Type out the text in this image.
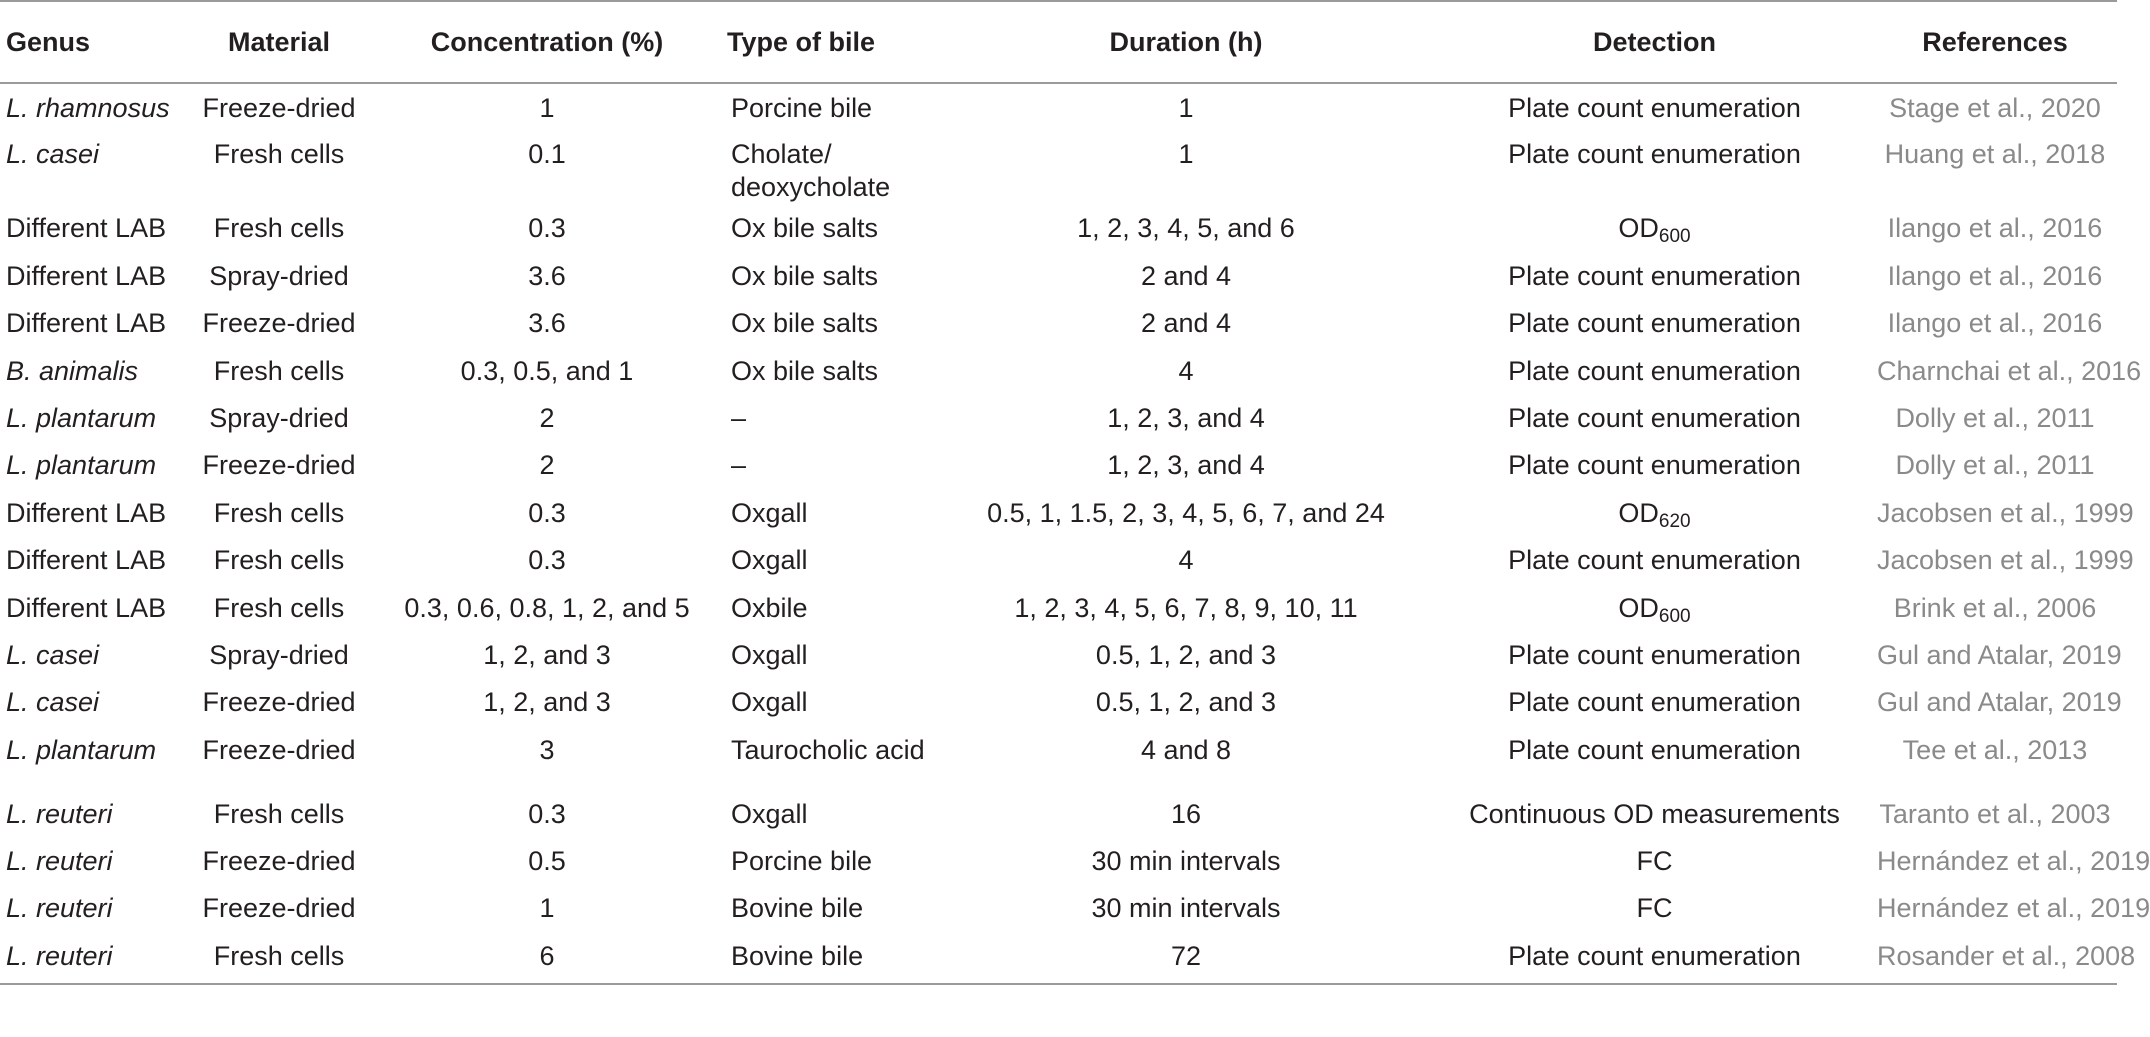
Genus	Material	Concentration (%)	Type of bile	Duration (h)	Detection	References
L. rhamnosus	Freeze-dried	1	Porcine bile	1	Plate count enumeration	Stage et al., 2020
L. casei	Fresh cells	0.1	Cholate/ deoxycholate	1	Plate count enumeration	Huang et al., 2018
Different LAB	Fresh cells	0.3	Ox bile salts	1, 2, 3, 4, 5, and 6	$OD_{600}$	Ilango et al., 2016
Different LAB	Spray-dried	3.6	Ox bile salts	2 and 4	Plate count enumeration	Ilango et al., 2016
Different LAB	Freeze-dried	3.6	Ox bile salts	2 and 4	Plate count enumeration	Ilango et al., 2016
B. animalis	Fresh cells	0.3, 0.5, and 1	Ox bile salts	4	Plate count enumeration	Charnchai et al., 2016
L. plantarum	Spray-dried	2	–	1, 2, 3, and 4	Plate count enumeration	Dolly et al., 2011
L. plantarum	Freeze-dried	2	–	1, 2, 3, and 4	Plate count enumeration	Dolly et al., 2011
Different LAB	Fresh cells	0.3	Oxgall	0.5, 1, 1.5, 2, 3, 4, 5, 6, 7, and 24	$OD_{620}$	Jacobsen et al., 1999
Different LAB	Fresh cells	0.3	Oxgall	4	Plate count enumeration	Jacobsen et al., 1999
Different LAB	Fresh cells	0.3, 0.6, 0.8, 1, 2, and 5	Oxbile	1, 2, 3, 4, 5, 6, 7, 8, 9, 10, 11	$OD_{600}$	Brink et al., 2006
L. casei	Spray-dried	1, 2, and 3	Oxgall	0.5, 1, 2, and 3	Plate count enumeration	Gul and Atalar, 2019
L. casei	Freeze-dried	1, 2, and 3	Oxgall	0.5, 1, 2, and 3	Plate count enumeration	Gul and Atalar, 2019
L. plantarum	Freeze-dried	3	Taurocholic acid	4 and 8	Plate count enumeration	Tee et al., 2013
L. reuteri	Fresh cells	0.3	Oxgall	16	Continuous OD measurements	Taranto et al., 2003
L. reuteri	Freeze-dried	0.5	Porcine bile	30 min intervals	FC	Hernández et al., 2019
L. reuteri	Freeze-dried	1	Bovine bile	30 min intervals	FC	Hernández et al., 2019
L. reuteri	Fresh cells	6	Bovine bile	72	Plate count enumeration	Rosander et al., 2008
